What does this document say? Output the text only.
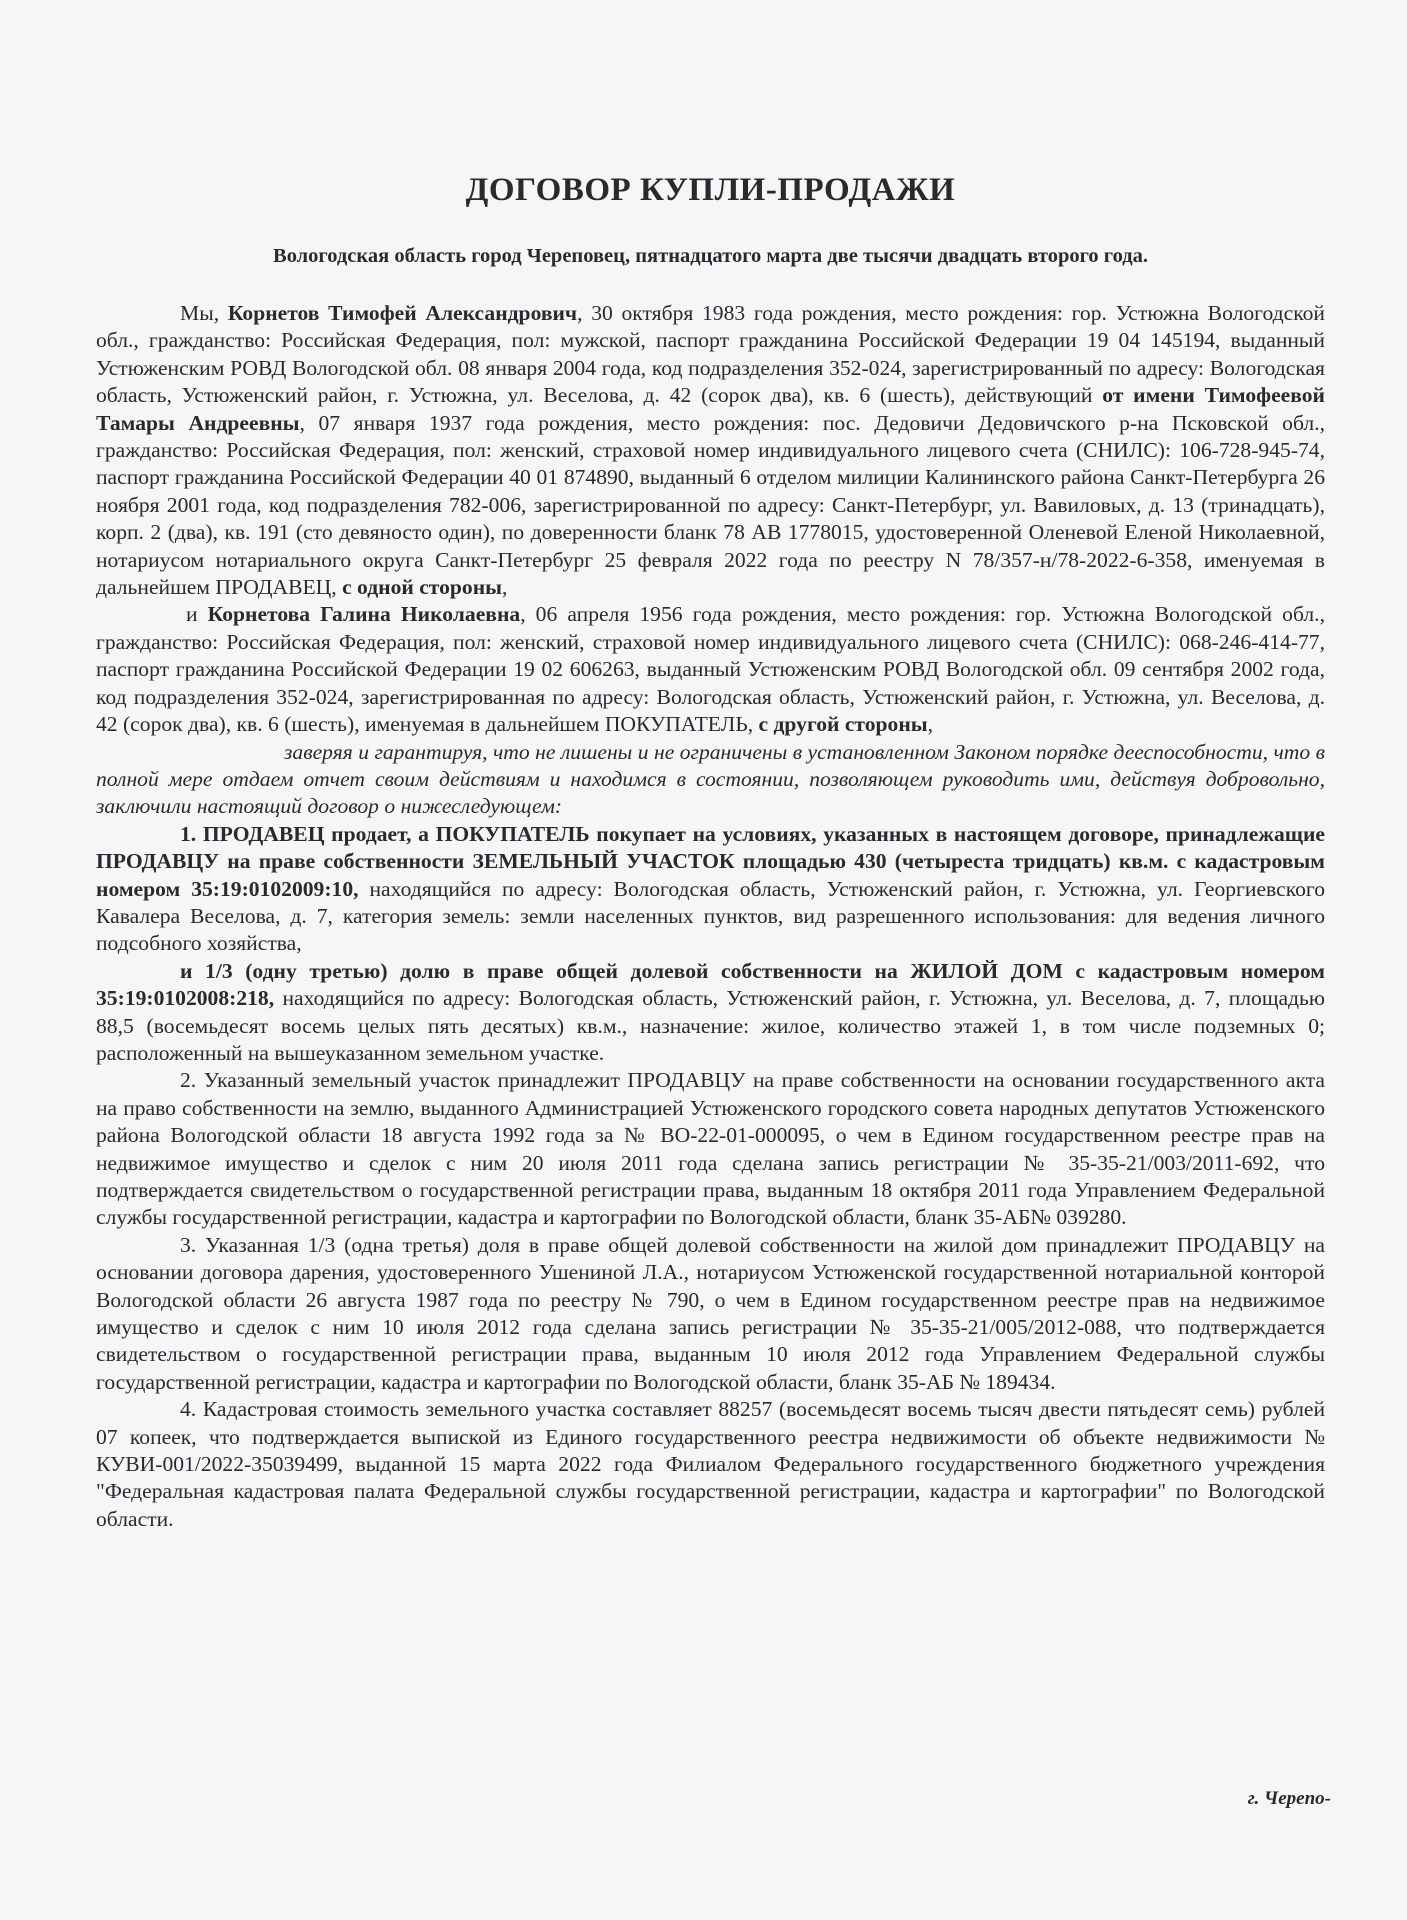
ДОГОВОР КУПЛИ-ПРОДАЖИ
Вологодская область город Череповец, пятнадцатого марта две тысячи двадцать второго года.

Мы, Корнетов Тимофей Александрович, 30 октября 1983 года рождения, место рождения: гор. Устюжна Вологодской обл., гражданство: Российская Федерация, пол: мужской, паспорт гражданина Российской Федерации 19 04 145194, выданный Устюженским РОВД Вологодской обл. 08 января 2004 года, код подразделения 352-024, зарегистрированный по адресу: Вологодская область, Устюженский район, г. Устюжна, ул. Веселова, д. 42 (сорок два), кв. 6 (шесть), действующий от имени Тимофеевой Тамары Андреевны, 07 января 1937 года рождения, место рождения: пос. Дедовичи Дедовичского р-на Псковской обл., гражданство: Российская Федерация, пол: женский, страховой номер индивидуального лицевого счета (СНИЛС): 106-728-945-74, паспорт гражданина Российской Федерации 40 01 874890, выданный 6 отделом милиции Калининского района Санкт-Петербурга 26 ноября 2001 года, код подразделения 782-006, зарегистрированной по адресу: Санкт-Петербург, ул. Вавиловых, д. 13 (тринадцать), корп. 2 (два), кв. 191 (сто девяносто один), по доверенности бланк 78 АВ 1778015, удостоверенной Оленевой Еленой Николаевной, нотариусом нотариального округа Санкт-Петербург 25 февраля 2022 года по реестру N 78/357-н/78-2022-6-358, именуемая в дальнейшем ПРОДАВЕЦ, с одной стороны,

и Корнетова Галина Николаевна, 06 апреля 1956 года рождения, место рождения: гор. Устюжна Вологодской обл., гражданство: Российская Федерация, пол: женский, страховой номер индивидуального лицевого счета (СНИЛС): 068-246-414-77, паспорт гражданина Российской Федерации 19 02 606263, выданный Устюженским РОВД Вологодской обл. 09 сентября 2002 года, код подразделения 352-024, зарегистрированная по адресу: Вологодская область, Устюженский район, г. Устюжна, ул. Веселова, д. 42 (сорок два), кв. 6 (шесть), именуемая в дальнейшем ПОКУПАТЕЛЬ, с другой стороны,

заверяя и гарантируя, что не лишены и не ограничены в установленном Законом порядке дееспособности, что в полной мере отдаем отчет своим действиям и находимся в состоянии, позволяющем руководить ими, действуя добровольно, заключили настоящий договор о нижеследующем:

1. ПРОДАВЕЦ продает, а ПОКУПАТЕЛЬ покупает на условиях, указанных в настоящем договоре, принадлежащие ПРОДАВЦУ на праве собственности ЗЕМЕЛЬНЫЙ УЧАСТОК площадью 430 (четыреста тридцать) кв.м. с кадастровым номером 35:19:0102009:10, находящийся по адресу: Вологодская область, Устюженский район, г. Устюжна, ул. Георгиевского Кавалера Веселова, д. 7, категория земель: земли населенных пунктов, вид разрешенного использования: для ведения личного подсобного хозяйства,

и 1/3 (одну третью) долю в праве общей долевой собственности на ЖИЛОЙ ДОМ с кадастровым номером 35:19:0102008:218, находящийся по адресу: Вологодская область, Устюженский район, г. Устюжна, ул. Веселова, д. 7, площадью 88,5 (восемьдесят восемь целых пять десятых) кв.м., назначение: жилое, количество этажей 1, в том числе подземных 0; расположенный на вышеуказанном земельном участке.

2. Указанный земельный участок принадлежит ПРОДАВЦУ на праве собственности на основании государственного акта на право собственности на землю, выданного Администрацией Устюженского городского совета народных депутатов Устюженского района Вологодской области 18 августа 1992 года за № ВО-22-01-000095, о чем в Едином государственном реестре прав на недвижимое имущество и сделок с ним 20 июля 2011 года сделана запись регистрации № 35-35-21/003/2011-692, что подтверждается свидетельством о государственной регистрации права, выданным 18 октября 2011 года Управлением Федеральной службы государственной регистрации, кадастра и картографии по Вологодской области, бланк 35-АБ№ 039280.

3. Указанная 1/3 (одна третья) доля в праве общей долевой собственности на жилой дом принадлежит ПРОДАВЦУ на основании договора дарения, удостоверенного Ушениной Л.А., нотариусом Устюженской государственной нотариальной конторой Вологодской области 26 августа 1987 года по реестру № 790, о чем в Едином государственном реестре прав на недвижимое имущество и сделок с ним 10 июля 2012 года сделана запись регистрации № 35-35-21/005/2012-088, что подтверждается свидетельством о государственной регистрации права, выданным 10 июля 2012 года Управлением Федеральной службы государственной регистрации, кадастра и картографии по Вологодской области, бланк 35-АБ № 189434.

4. Кадастровая стоимость земельного участка составляет 88257 (восемьдесят восемь тысяч двести пятьдесят семь) рублей 07 копеек, что подтверждается выпиской из Единого государственного реестра недвижимости об объекте недвижимости № КУВИ-001/2022-35039499, выданной 15 марта 2022 года Филиалом Федерального государственного бюджетного учреждения "Федеральная кадастровая палата Федеральной службы государственной регистрации, кадастра и картографии" по Вологодской области.

г. Черепо-
